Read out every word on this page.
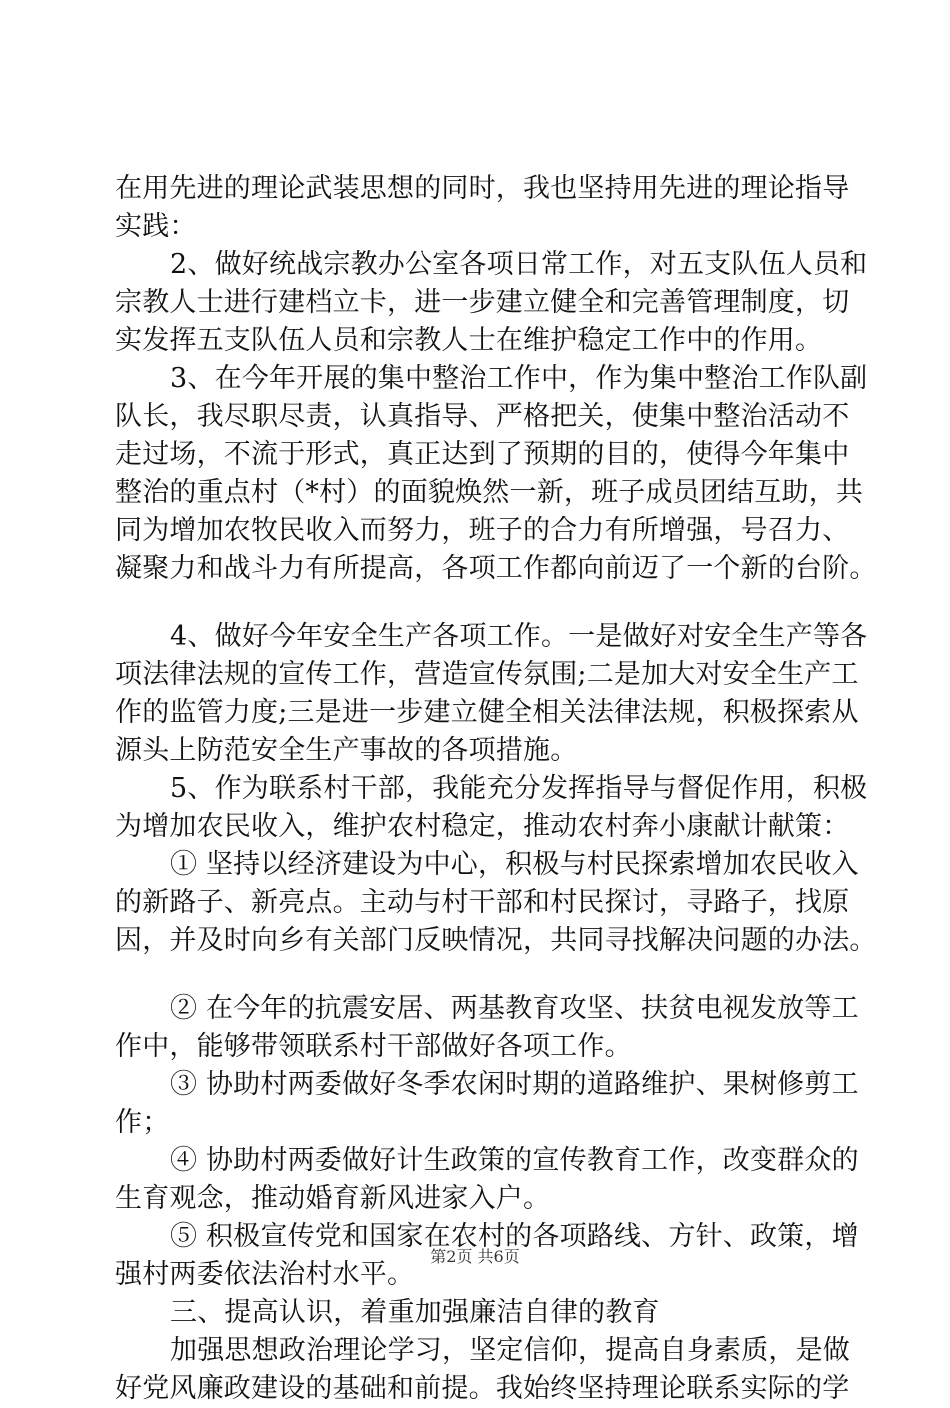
在用先进的理论武装思想的同时，我也坚持用先进的理论指导
实践：
2、做好统战宗教办公室各项日常工作，对五支队伍人员和
宗教人士进行建档立卡，进一步建立健全和完善管理制度，切
实发挥五支队伍人员和宗教人士在维护稳定工作中的作用。
3、在今年开展的集中整治工作中，作为集中整治工作队副
队长，我尽职尽责，认真指导、严格把关，使集中整治活动不
走过场，不流于形式，真正达到了预期的目的，使得今年集中
整治的重点村（*村）的面貌焕然一新，班子成员团结互助，共
同为增加农牧民收入而努力，班子的合力有所增强，号召力、
凝聚力和战斗力有所提高，各项工作都向前迈了一个新的台阶。
4、做好今年安全生产各项工作。一是做好对安全生产等各
项法律法规的宣传工作，营造宣传氛围;二是加大对安全生产工
作的监管力度;三是进一步建立健全相关法律法规，积极探索从
源头上防范安全生产事故的各项措施。
5、作为联系村干部，我能充分发挥指导与督促作用，积极
为增加农民收入，维护农村稳定，推动农村奔小康献计献策：
① 坚持以经济建设为中心，积极与村民探索增加农民收入
的新路子、新亮点。主动与村干部和村民探讨，寻路子，找原
因，并及时向乡有关部门反映情况，共同寻找解决问题的办法。
② 在今年的抗震安居、两基教育攻坚、扶贫电视发放等工
作中，能够带领联系村干部做好各项工作。
③ 协助村两委做好冬季农闲时期的道路维护、果树修剪工
作；
④ 协助村两委做好计生政策的宣传教育工作，改变群众的
生育观念，推动婚育新风进家入户。
⑤ 积极宣传党和国家在农村的各项路线、方针、政策，增
强村两委依法治村水平。
三、提高认识，着重加强廉洁自律的教育
加强思想政治理论学习，坚定信仰，提高自身素质，是做
好党风廉政建设的基础和前提。我始终坚持理论联系实际的学
第2页 共6页
